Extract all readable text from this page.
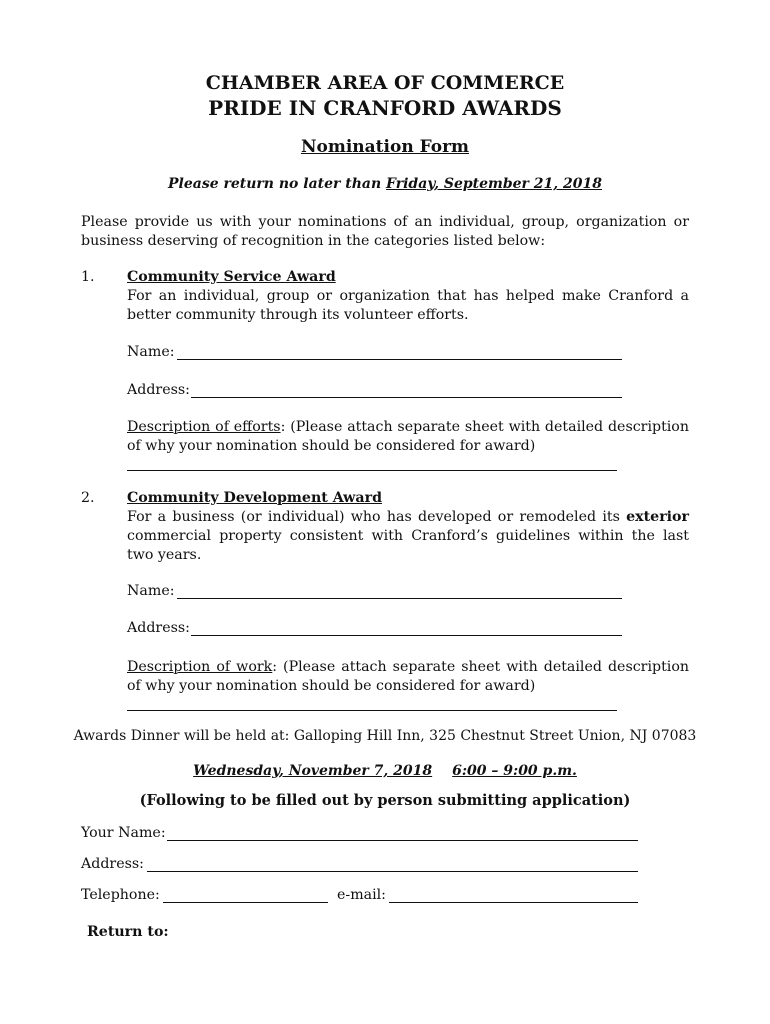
CHAMBER AREA OF COMMERCE
PRIDE IN CRANFORD AWARDS
Nomination Form
Please return no later than Friday, September 21, 2018
Please provide us with your nominations of an individual, group, organization or business deserving of recognition in the categories listed below:
1. Community Service Award
For an individual, group or organization that has helped make Cranford a better community through its volunteer efforts.
Name:
Address:
Description of efforts: (Please attach separate sheet with detailed description of why your nomination should be considered for award)
2. Community Development Award
For a business (or individual) who has developed or remodeled its exterior commercial property consistent with Cranford’s guidelines within the last two years.
Name:
Address:
Description of work: (Please attach separate sheet with detailed description of why your nomination should be considered for award)
Awards Dinner will be held at: Galloping Hill Inn, 325 Chestnut Street Union, NJ 07083
Wednesday, November 7, 2018 6:00 – 9:00 p.m.
(Following to be filled out by person submitting application)
Your Name:
Address:
Telephone:	e-mail:
Return to:
